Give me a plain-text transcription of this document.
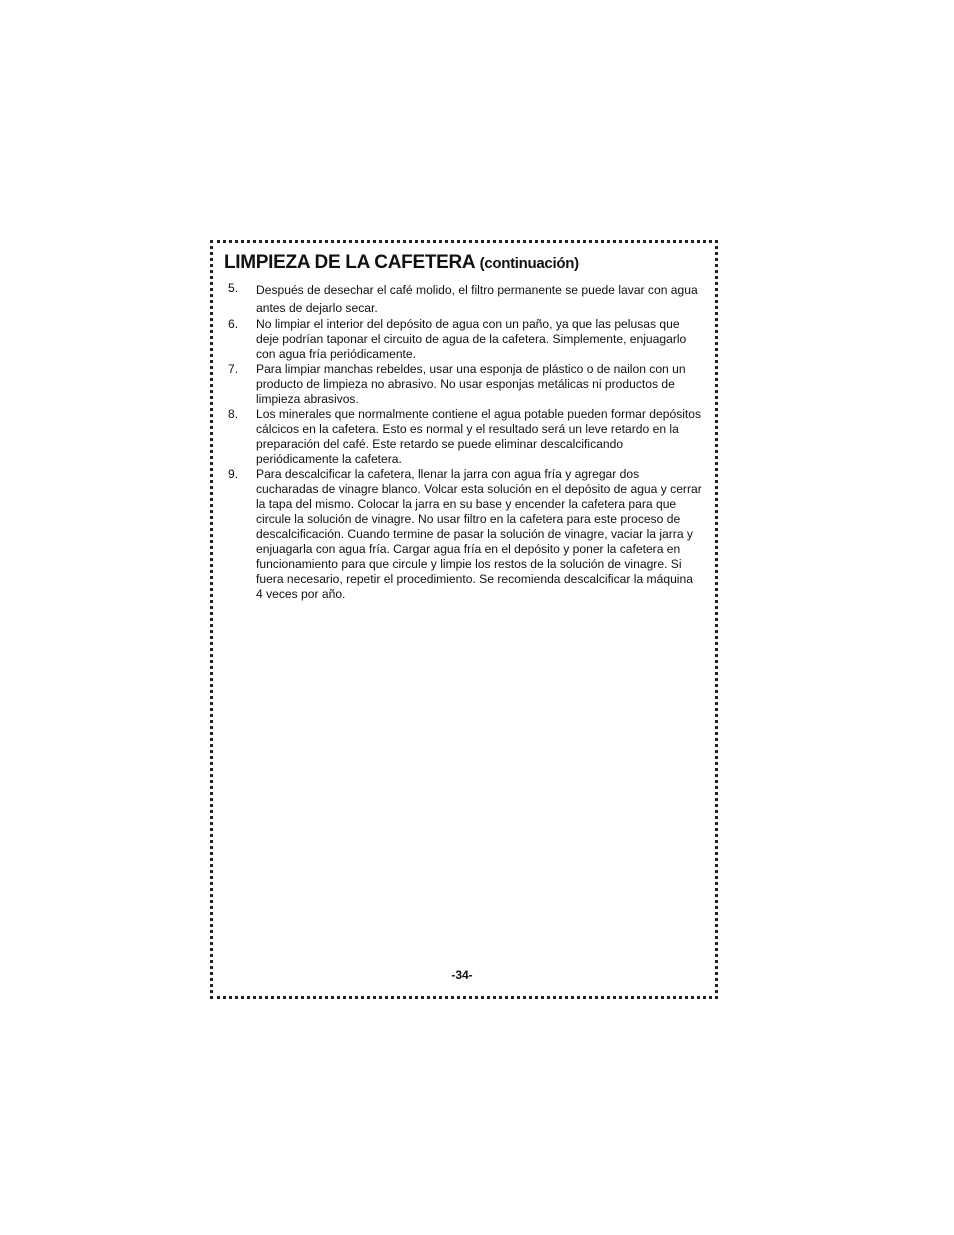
LIMPIEZA DE LA CAFETERA (continuación)
5. Después de desechar el café molido, el filtro permanente se puede lavar con agua antes de dejarlo secar.
6. No limpiar el interior del depósito de agua con un paño, ya que las pelusas que deje podrían taponar el circuito de agua de la cafetera. Simplemente, enjuagarlo con agua fría periódicamente.
7. Para limpiar manchas rebeldes, usar una esponja de plástico o de nailon con un producto de limpieza no abrasivo. No usar esponjas metálicas ni productos de limpieza abrasivos.
8. Los minerales que normalmente contiene el agua potable pueden formar depósitos cálcicos en la cafetera. Esto es normal y el resultado será un leve retardo en la preparación del café. Este retardo se puede eliminar descalcificando periódicamente la cafetera.
9. Para descalcificar la cafetera, llenar la jarra con agua fría y agregar dos cucharadas de vinagre blanco. Volcar esta solución en el depósito de agua y cerrar la tapa del mismo. Colocar la jarra en su base y encender la cafetera para que circule la solución de vinagre. No usar filtro en la cafetera para este proceso de descalcificación. Cuando termine de pasar la solución de vinagre, vaciar la jarra y enjuagarla con agua fría. Cargar agua fría en el depósito y poner la cafetera en funcionamiento para que circule y limpie los restos de la solución de vinagre. Si fuera necesario, repetir el procedimiento. Se recomienda descalcificar la máquina 4 veces por año.
-34-
